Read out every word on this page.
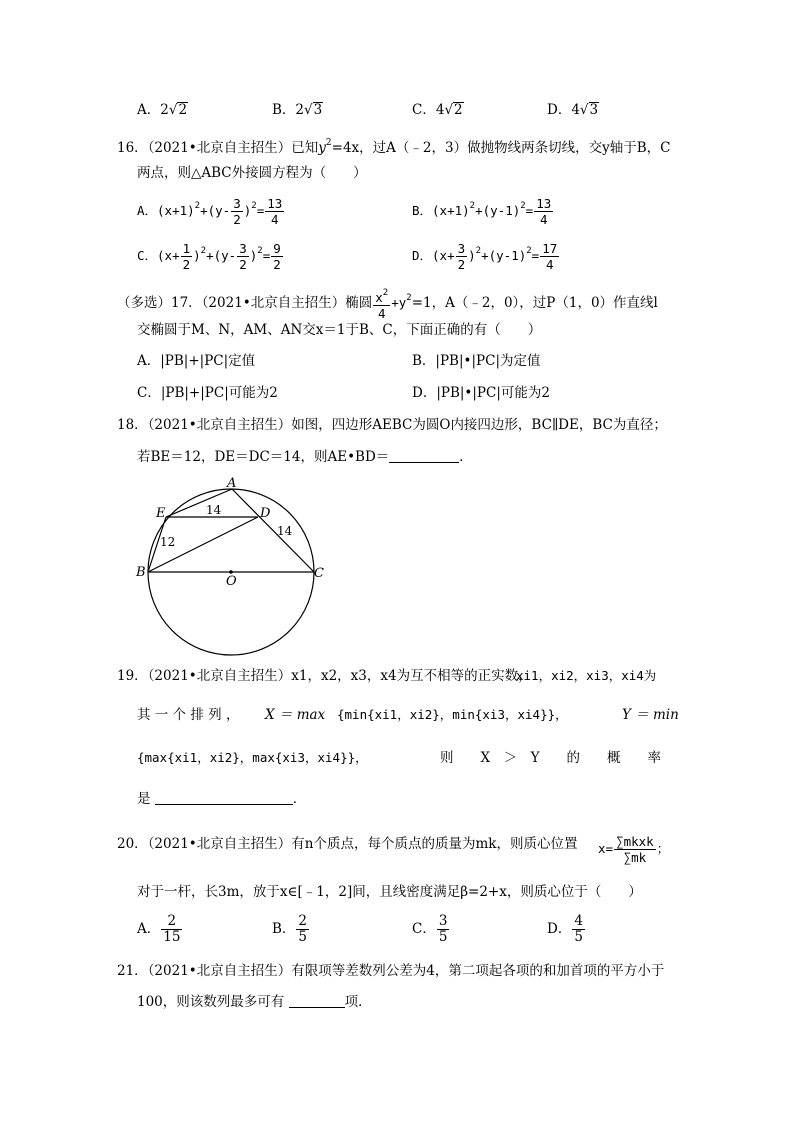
A．2√2	B．2√3	C．4√2	D．4√3
16．（2021•北京自主招生）已知$y^2=4x$，过A（﹣2，3）做抛物线两条切线，交y轴于B，C
两点，则△ABC外接圆方程为（　　）
A．$(x+1)^2+(y- \frac{3}{2} )^2= \frac{13}{4}$	B．$(x+1)^2+(y-1)^2= \frac{13}{4}$
C．$(x+ \frac{1}{2} )^2+(y- \frac{3}{2} )^2= \frac{9}{2}$	D．$(x+ \frac{3}{2} )^2+(y-1)^2= \frac{17}{4}$
（多选）17．（2021•北京自主招生）椭圆 $\frac{x^2}{4} +y^2=1$，A（﹣2，0），过P（1，0）作直线l
交椭圆于M、N，AM、AN交x＝1于B、C，下面正确的有（　　）
A．|PB|+|PC|定值	B．|PB|•|PC|为定值
C．|PB|+|PC|可能为2	D．|PB|•|PC|可能为2
18．（2021•北京自主招生）如图，四边形AEBC为圆O内接四边形，BC∥DE，BC为直径；
若BE＝12，DE＝DC＝14，则AE•BD＝	．
A
E	D
B	C
O
14
14
12
19．（2021•北京自主招生）x1，x2，x3，x4为互不相等的正实数，
xi1，xi2，xi3，xi4为
其 一 个 排 列 ， X ＝ max {min{xi1，xi2}，min{xi3，xi4}}，	Y ＝ min
{max{xi1，xi2}，max{xi3，xi4}}，	则　　X　＞　Y　　的　　概　　率
是	．
20．（2021•北京自主招生）有n个质点，每个质点的质量为mk，则质心位置 $x= \frac{\text{∑mkxk}}{\sum mk}$ ；
对于一杆，长3m，放于x∈[﹣1，2]间，且线密度满足β=2+x，则质心位于（　　）
A． $\frac{2}{15}$	B． $\frac{2}{5}$	C． $\frac{3}{5}$	D． $\frac{4}{5}$
21．（2021•北京自主招生）有限项等差数列公差为4，第二项起各项的和加首项的平方小于
100，则该数列最多可有	项．
